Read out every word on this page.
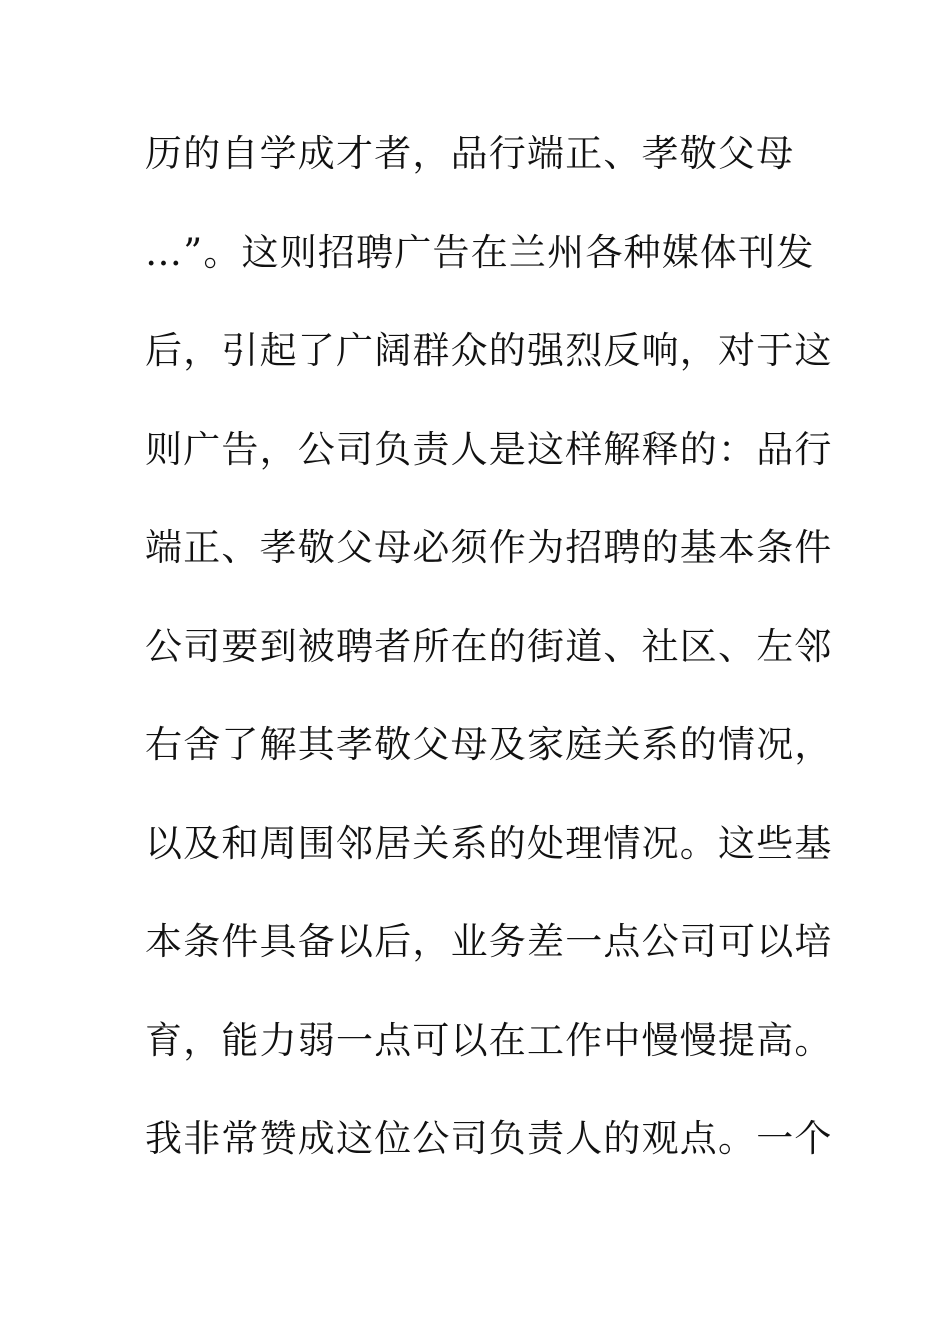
历的自学成才者，品行端正、孝敬父母
…”。这则招聘广告在兰州各种媒体刊发
后，引起了广阔群众的强烈反响，对于这
则广告，公司负责人是这样解释的：品行
端正、孝敬父母必须作为招聘的基本条件
公司要到被聘者所在的街道、社区、左邻
右舍了解其孝敬父母及家庭关系的情况，
以及和周围邻居关系的处理情况。这些基
本条件具备以后，业务差一点公司可以培
育，能力弱一点可以在工作中慢慢提高。
我非常赞成这位公司负责人的观点。一个
